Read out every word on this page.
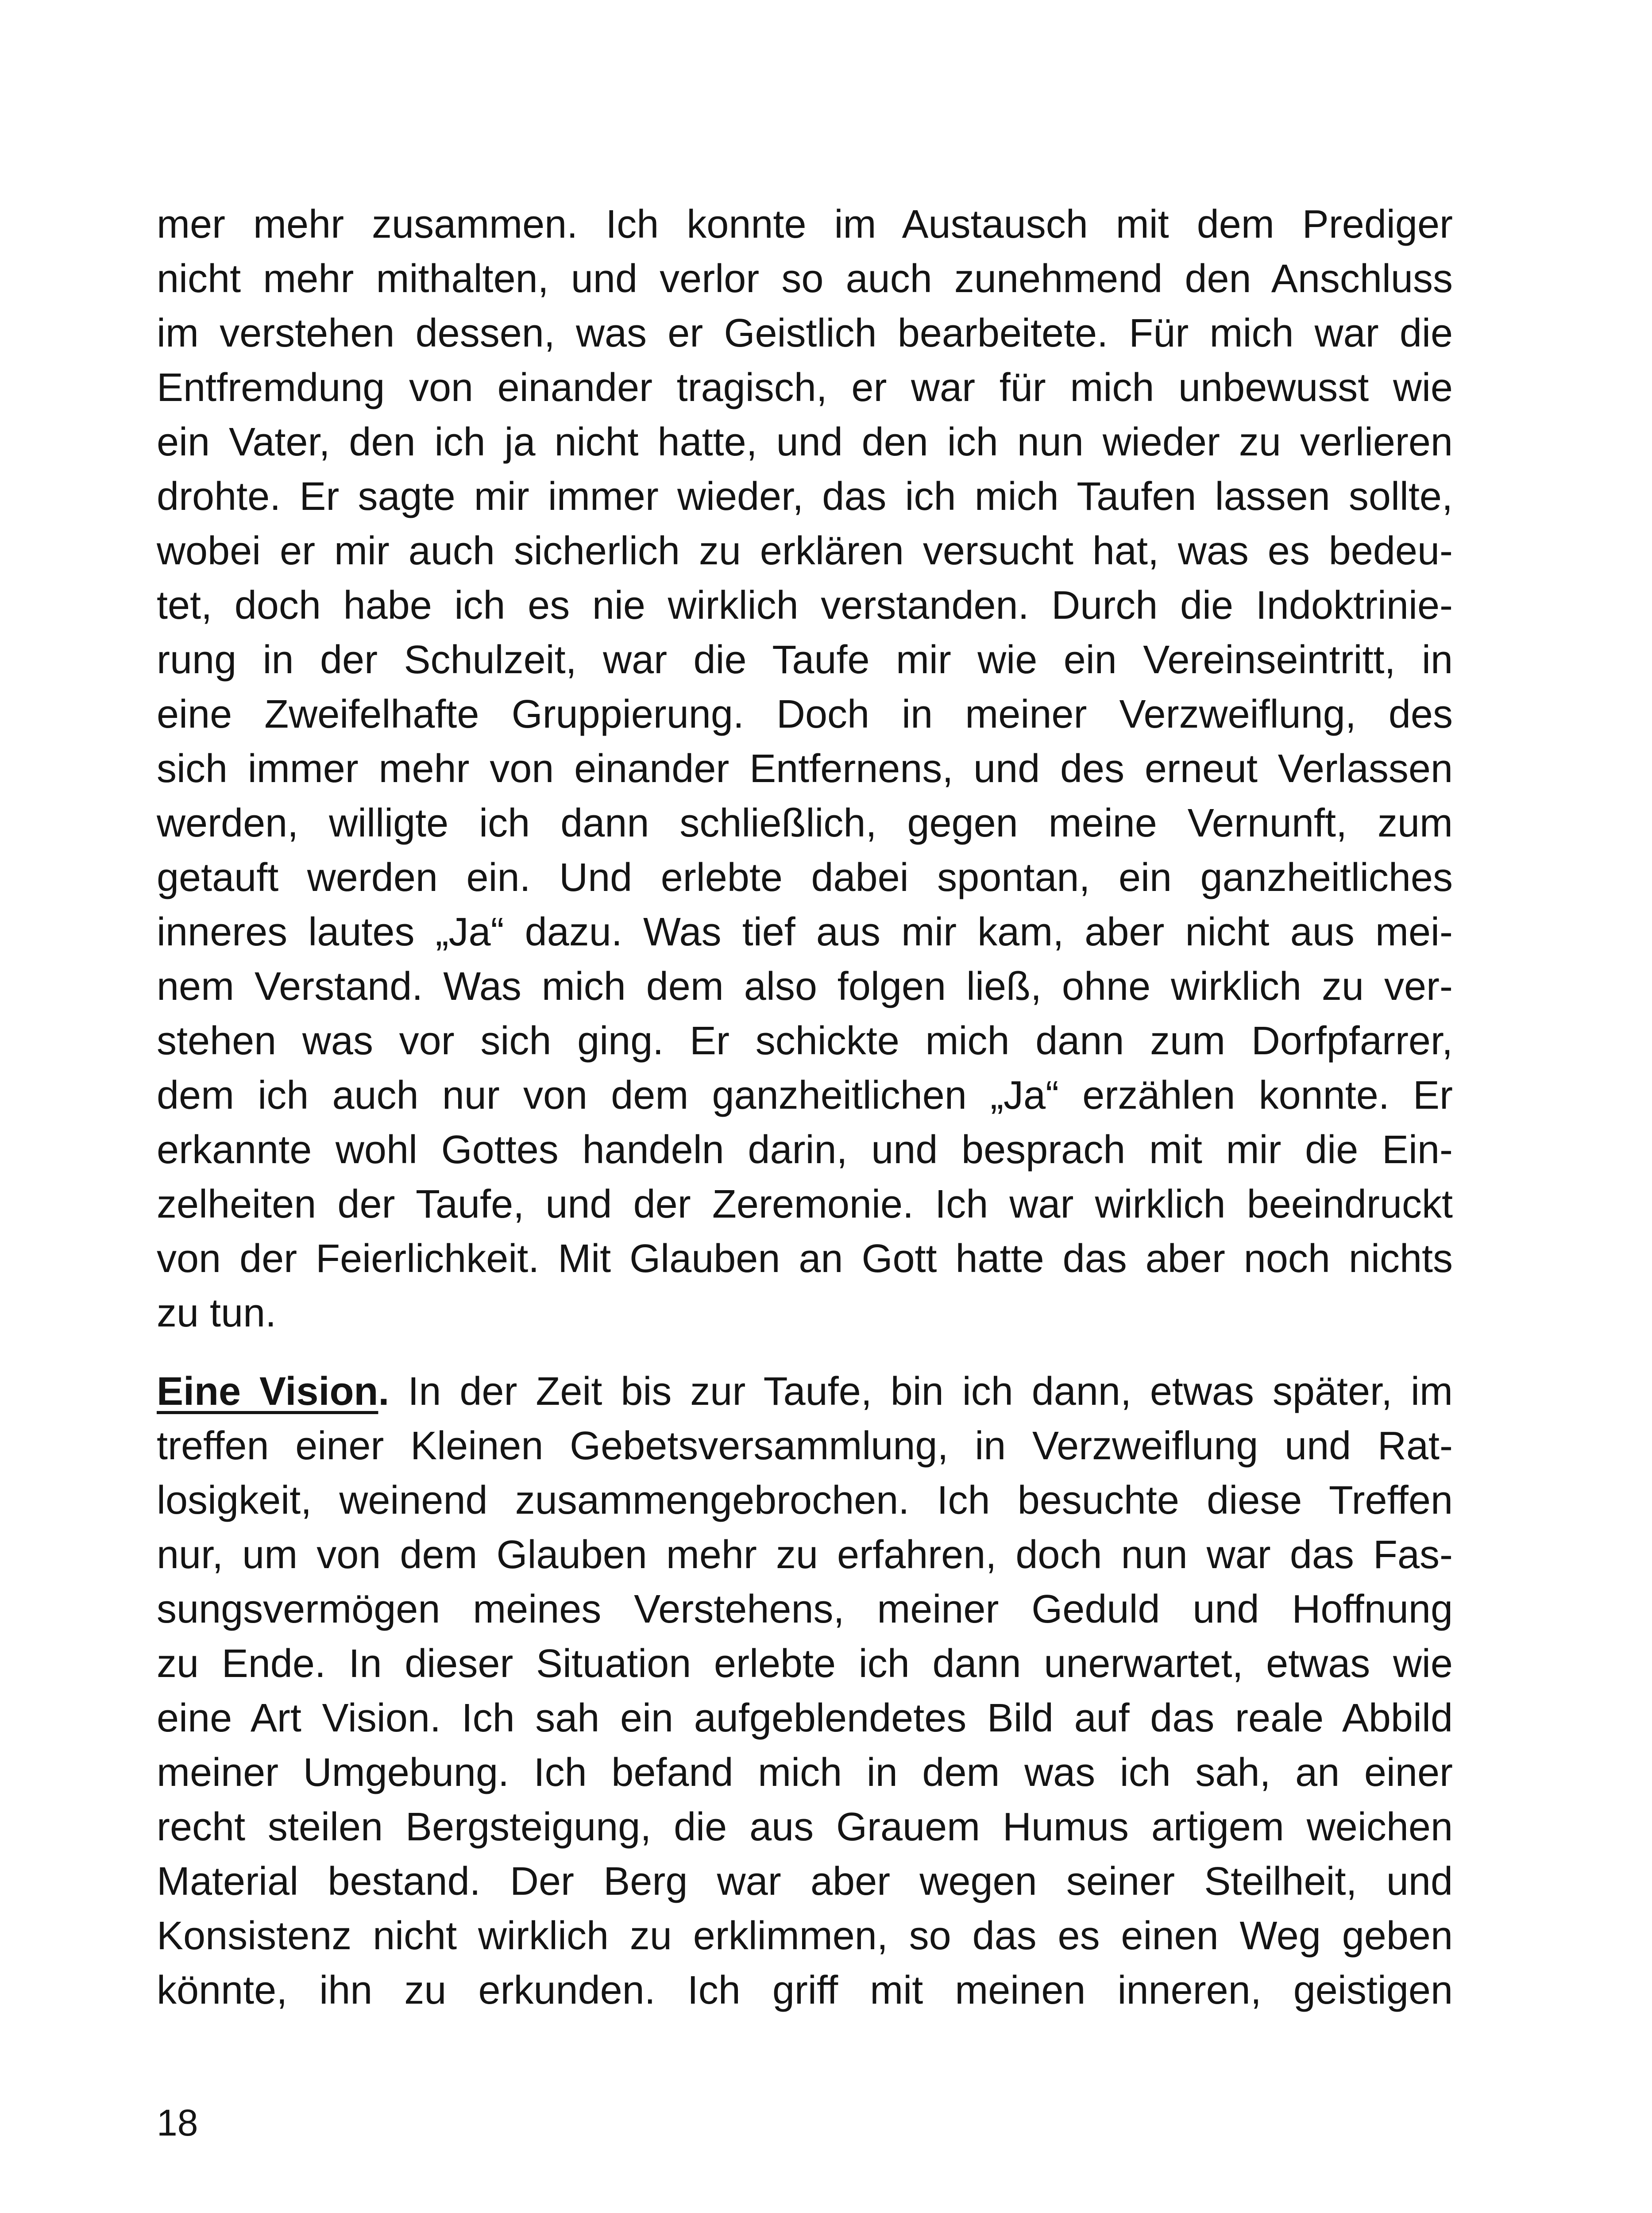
mer mehr zusammen. Ich konnte im Austausch mit dem Prediger
nicht mehr mithalten, und verlor so auch zunehmend den Anschluss
im verstehen dessen, was er Geistlich bearbeitete. Für mich war die
Entfremdung von einander tragisch, er war für mich unbewusst wie
ein Vater, den ich ja nicht hatte, und den ich nun wieder zu verlieren
drohte. Er sagte mir immer wieder, das ich mich Taufen lassen sollte,
wobei er mir auch sicherlich zu erklären versucht hat, was es bedeu-
tet, doch habe ich es nie wirklich verstanden. Durch die Indoktrinie-
rung in der Schulzeit, war die Taufe mir wie ein Vereinseintritt, in
eine Zweifelhafte Gruppierung. Doch in meiner Verzweiflung, des
sich immer mehr von einander Entfernens, und des erneut Verlassen
werden, willigte ich dann schließlich, gegen meine Vernunft, zum
getauft werden ein. Und erlebte dabei spontan, ein ganzheitliches
inneres lautes „Ja“ dazu. Was tief aus mir kam, aber nicht aus mei-
nem Verstand. Was mich dem also folgen ließ, ohne wirklich zu ver-
stehen was vor sich ging. Er schickte mich dann zum Dorfpfarrer,
dem ich auch nur von dem ganzheitlichen „Ja“ erzählen konnte. Er
erkannte wohl Gottes handeln darin, und besprach mit mir die Ein-
zelheiten der Taufe, und der Zeremonie. Ich war wirklich beeindruckt
von der Feierlichkeit. Mit Glauben an Gott hatte das aber noch nichts
zu tun.
Eine Vision. In der Zeit bis zur Taufe, bin ich dann, etwas später, im
treffen einer Kleinen Gebetsversammlung, in Verzweiflung und Rat-
losigkeit, weinend zusammengebrochen. Ich besuchte diese Treffen
nur, um von dem Glauben mehr zu erfahren, doch nun war das Fas-
sungsvermögen meines Verstehens, meiner Geduld und Hoffnung
zu Ende. In dieser Situation erlebte ich dann unerwartet, etwas wie
eine Art Vision. Ich sah ein aufgeblendetes Bild auf das reale Abbild
meiner Umgebung. Ich befand mich in dem was ich sah, an einer
recht steilen Bergsteigung, die aus Grauem Humus artigem weichen
Material bestand. Der Berg war aber wegen seiner Steilheit, und
Konsistenz nicht wirklich zu erklimmen, so das es einen Weg geben
könnte, ihn zu erkunden. Ich griff mit meinen inneren, geistigen
18
